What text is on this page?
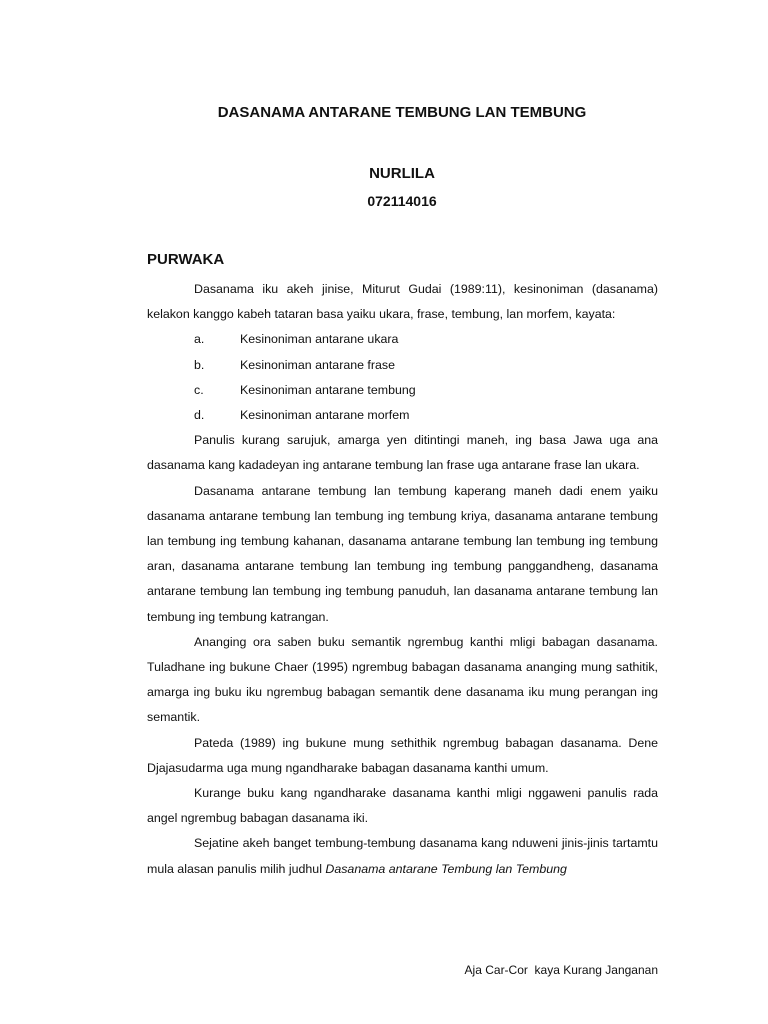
DASANAMA ANTARANE TEMBUNG LAN TEMBUNG
NURLILA
072114016
PURWAKA

Dasanama iku akeh jinise, Miturut Gudai (1989:11), kesinoniman (dasanama) kelakon kanggo kabeh tataran basa yaiku ukara, frase, tembung, lan morfem, kayata:

a.	Kesinoniman antarane ukara
b.	Kesinoniman antarane frase
c.	Kesinoniman antarane tembung
d.	Kesinoniman antarane morfem

Panulis kurang sarujuk, amarga yen ditintingi maneh, ing basa Jawa uga ana dasanama kang kadadeyan ing antarane tembung lan frase uga antarane frase lan ukara.

Dasanama antarane tembung lan tembung kaperang maneh dadi enem yaiku dasanama antarane tembung lan tembung ing tembung kriya, dasanama antarane tembung lan tembung ing tembung kahanan, dasanama antarane tembung lan tembung ing tembung aran, dasanama antarane tembung lan tembung ing tembung panggandheng, dasanama antarane tembung lan tembung ing tembung panuduh, lan dasanama antarane tembung lan tembung ing tembung katrangan.

Ananging ora saben buku semantik ngrembug kanthi mligi babagan dasanama. Tuladhane ing bukune Chaer (1995) ngrembug babagan dasanama ananging mung sathitik, amarga ing buku iku ngrembug babagan semantik dene dasanama iku mung perangan ing semantik.

Pateda (1989) ing bukune mung sethithik ngrembug babagan dasanama. Dene Djajasudarma uga mung ngandharake babagan dasanama kanthi umum.

Kurange buku kang ngandharake dasanama kanthi mligi nggaweni panulis rada angel ngrembug babagan dasanama iki.

Sejatine akeh banget tembung-tembung dasanama kang nduweni jinis-jinis tartamtu mula alasan panulis milih judhul Dasanama antarane Tembung lan Tembung

Aja Car-Cor  kaya Kurang Janganan
